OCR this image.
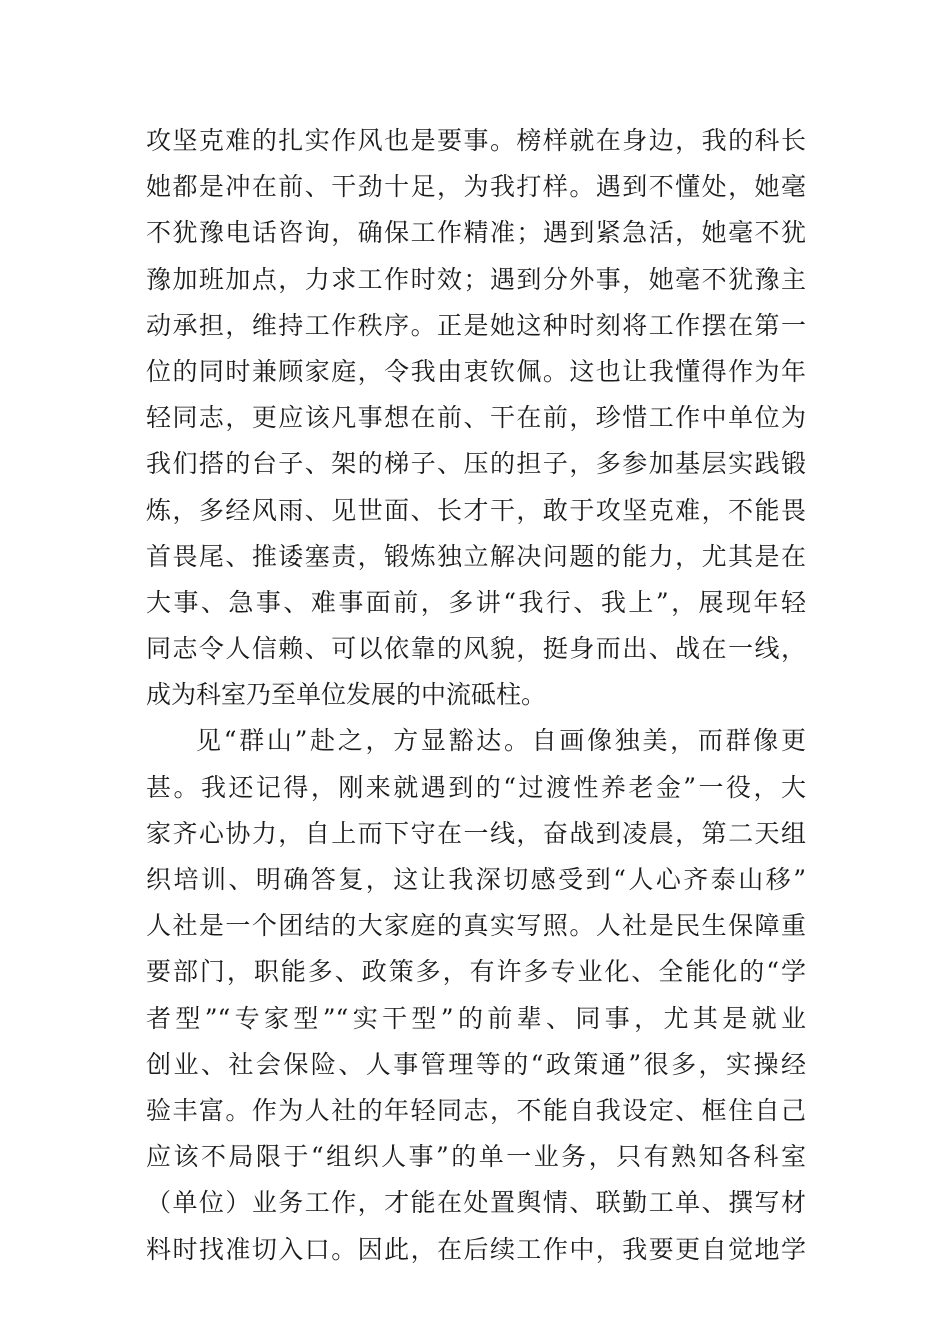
攻坚克难的扎实作风也是要事。榜样就在身边，我的科长
她都是冲在前、干劲十足，为我打样。遇到不懂处，她毫
不犹豫电话咨询，确保工作精准；遇到紧急活，她毫不犹
豫加班加点，力求工作时效；遇到分外事，她毫不犹豫主
动承担，维持工作秩序。正是她这种时刻将工作摆在第一
位的同时兼顾家庭，令我由衷钦佩。这也让我懂得作为年
轻同志，更应该凡事想在前、干在前，珍惜工作中单位为
我们搭的台子、架的梯子、压的担子，多参加基层实践锻
炼，多经风雨、见世面、长才干，敢于攻坚克难，不能畏
首畏尾、推诿塞责，锻炼独立解决问题的能力，尤其是在
大事、急事、难事面前，多讲“我行、我上”，展现年轻
同志令人信赖、可以依靠的风貌，挺身而出、战在一线，
成为科室乃至单位发展的中流砥柱。
见“群山”赴之，方显豁达。自画像独美，而群像更
甚。我还记得，刚来就遇到的“过渡性养老金”一役，大
家齐心协力，自上而下守在一线，奋战到凌晨，第二天组
织培训、明确答复，这让我深切感受到“人心齐泰山移”
人社是一个团结的大家庭的真实写照。人社是民生保障重
要部门，职能多、政策多，有许多专业化、全能化的“学
者型”“专家型”“实干型”的前辈、同事，尤其是就业
创业、社会保险、人事管理等的“政策通”很多，实操经
验丰富。作为人社的年轻同志，不能自我设定、框住自己
应该不局限于“组织人事”的单一业务，只有熟知各科室
（单位）业务工作，才能在处置舆情、联勤工单、撰写材
料时找准切入口。因此，在后续工作中，我要更自觉地学
